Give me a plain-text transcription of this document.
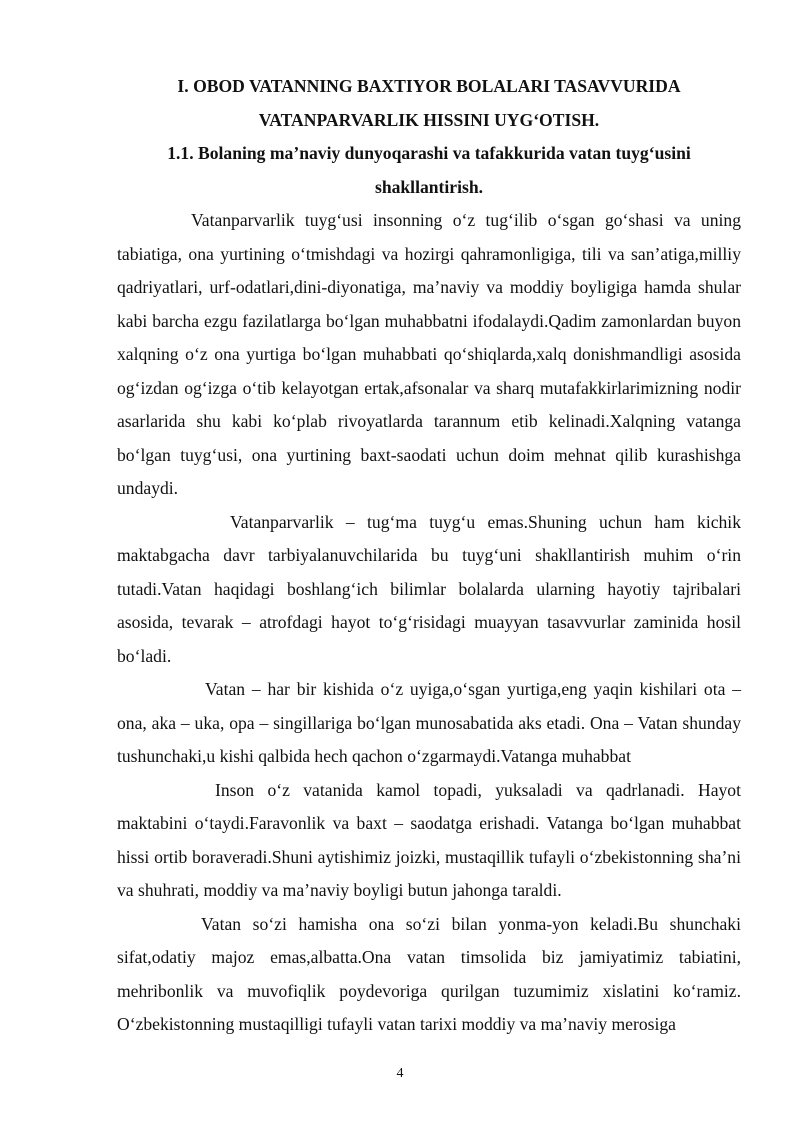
I. OBOD VATANNING BAXTIYOR BOLALARI TASAVVURIDA
VATANPARVARLIK HISSINI UYG‘OTISH.
1.1. Bolaning ma’naviy dunyoqarashi va tafakkurida vatan tuyg‘usini
shakllantirish.

Vatanparvarlik tuyg‘usi insonning o‘z tug‘ilib o‘sgan go‘shasi va uning tabiatiga, ona yurtining o‘tmishdagi va hozirgi qahramonligiga, tili va san’atiga,milliy qadriyatlari, urf-odatlari,dini-diyonatiga, ma’naviy va moddiy boyligiga hamda shular kabi barcha ezgu fazilatlarga bo‘lgan muhabbatni ifodalaydi.Qadim zamonlardan buyon xalqning o‘z ona yurtiga bo‘lgan muhabbati qo‘shiqlarda,xalq donishmandligi asosida og‘izdan og‘izga o‘tib kelayotgan ertak,afsonalar va sharq mutafakkirlarimizning nodir asarlarida shu kabi ko‘plab rivoyatlarda tarannum etib kelinadi.Xalqning vatanga bo‘lgan tuyg‘usi, ona yurtining baxt-saodati uchun doim mehnat qilib kurashishga undaydi.

Vatanparvarlik – tug‘ma tuyg‘u emas.Shuning uchun ham kichik maktabgacha davr tarbiyalanuvchilarida bu tuyg‘uni shakllantirish muhim o‘rin tutadi.Vatan haqidagi boshlang‘ich bilimlar bolalarda ularning hayotiy tajribalari asosida, tevarak – atrofdagi hayot to‘g‘risidagi muayyan tasavvurlar zaminida hosil bo‘ladi.

Vatan – har bir kishida o‘z uyiga,o‘sgan yurtiga,eng yaqin kishilari ota – ona, aka – uka, opa – singillariga bo‘lgan munosabatida aks etadi. Ona – Vatan shunday tushunchaki,u kishi qalbida hech qachon o‘zgarmaydi.Vatanga muhabbat

Inson o‘z vatanida kamol topadi, yuksaladi va qadrlanadi. Hayot maktabini o‘taydi.Faravonlik va baxt – saodatga erishadi. Vatanga bo‘lgan muhabbat hissi ortib boraveradi.Shuni aytishimiz joizki, mustaqillik tufayli o‘zbekistonning sha’ni va shuhrati, moddiy va ma’naviy boyligi butun jahonga taraldi.

Vatan so‘zi hamisha ona so‘zi bilan yonma-yon keladi.Bu shunchaki sifat,odatiy majoz emas,albatta.Ona vatan timsolida biz jamiyatimiz tabiatini, mehribonlik va muvofiqlik poydevoriga qurilgan tuzumimiz xislatini ko‘ramiz. O‘zbekistonning mustaqilligi tufayli vatan tarixi moddiy va ma’naviy merosiga

4
